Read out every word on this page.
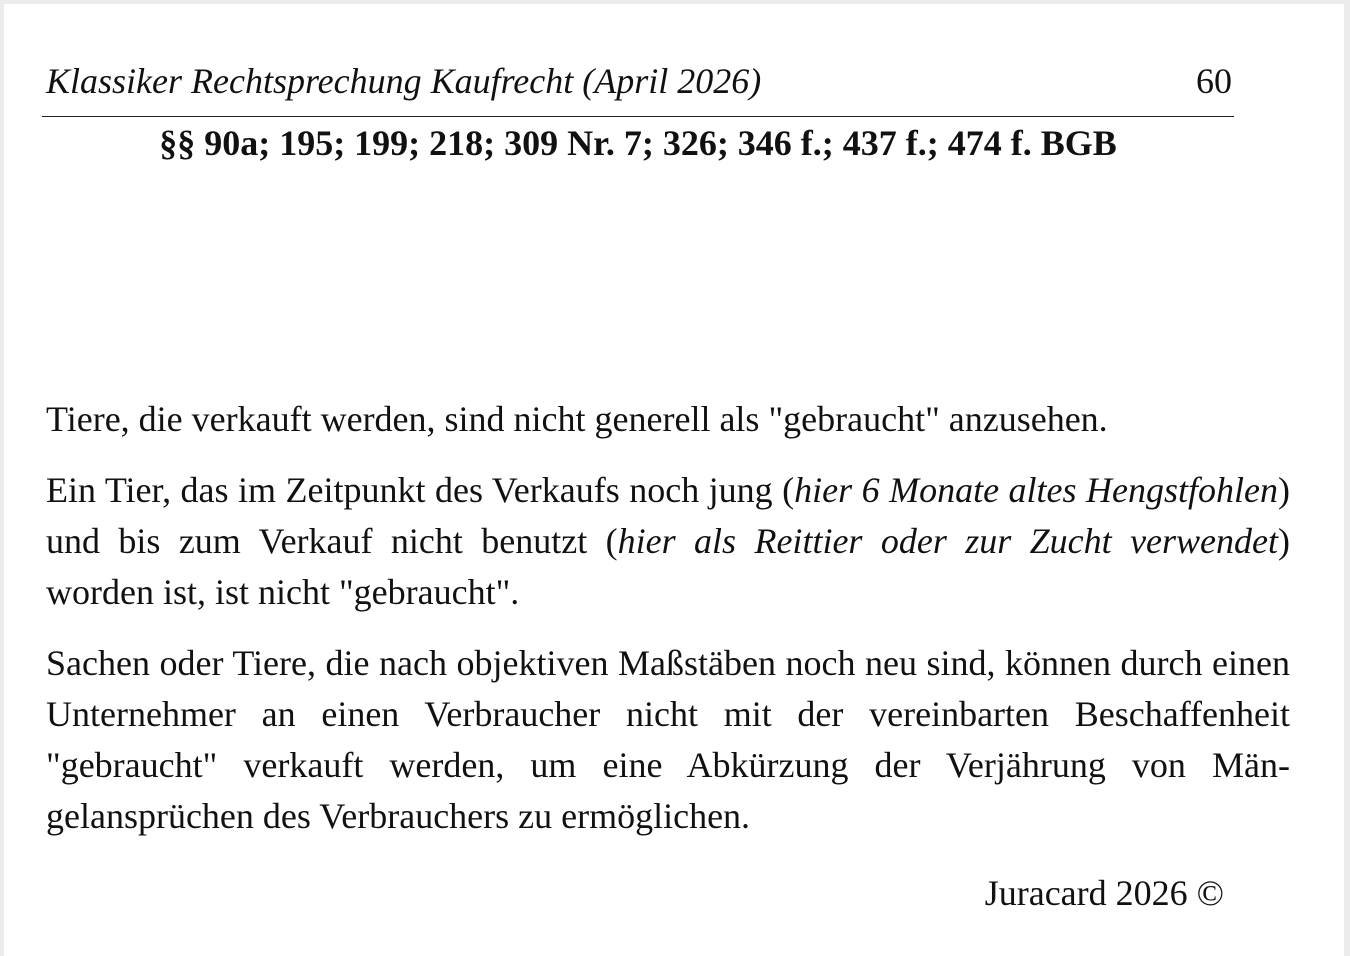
Klassiker Rechtsprechung Kaufrecht (April 2026)	60
§§ 90a; 195; 199; 218; 309 Nr. 7; 326; 346 f.; 437 f.; 474 f. BGB

Tiere, die verkauft werden, sind nicht generell als "gebraucht" anzusehen.

Ein Tier, das im Zeitpunkt des Verkaufs noch jung (hier 6 Monate altes Hengstfohlen) und bis zum Verkauf nicht benutzt (hier als Reittier oder zur Zucht verwendet) worden ist, ist nicht "gebraucht".

Sachen oder Tiere, die nach objektiven Maßstäben noch neu sind, können durch einen Unternehmer an einen Verbraucher nicht mit der vereinbarten Beschaffenheit "gebraucht" verkauft werden, um eine Abkürzung der Verjährung von Mängelansprüchen des Verbrauchers zu ermöglichen.

Juracard 2026 ©
